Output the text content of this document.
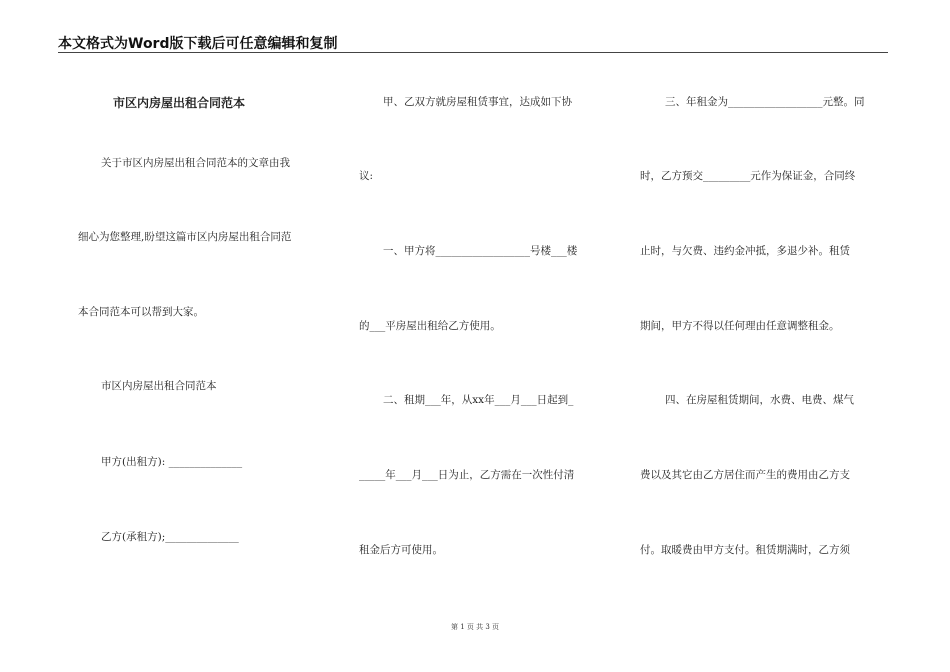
本文格式为Word版下载后可任意编辑和复制
市区内房屋出租合同范本
关于市区内房屋出租合同范本的文章由我
细心为您整理,盼望这篇市区内房屋出租合同范
本合同范本可以帮到大家。
市区内房屋出租合同范本
甲方(出租方): ______________
乙方(承租方);______________
甲、乙双方就房屋租赁事宜，达成如下协
议:
一、甲方将__________________号楼___楼
的___平房屋出租给乙方使用。
二、租期___年，从xx年___月___日起到_
_____年___月___日为止，乙方需在一次性付清
租金后方可使用。
三、年租金为__________________元整。同
时，乙方预交_________元作为保证金，合同终
止时，与欠费、违约金冲抵，多退少补。租赁
期间，甲方不得以任何理由任意调整租金。
四、在房屋租赁期间，水费、电费、煤气
费以及其它由乙方居住而产生的费用由乙方支
付。取暖费由甲方支付。租赁期满时，乙方须
第 1 页 共 3 页
